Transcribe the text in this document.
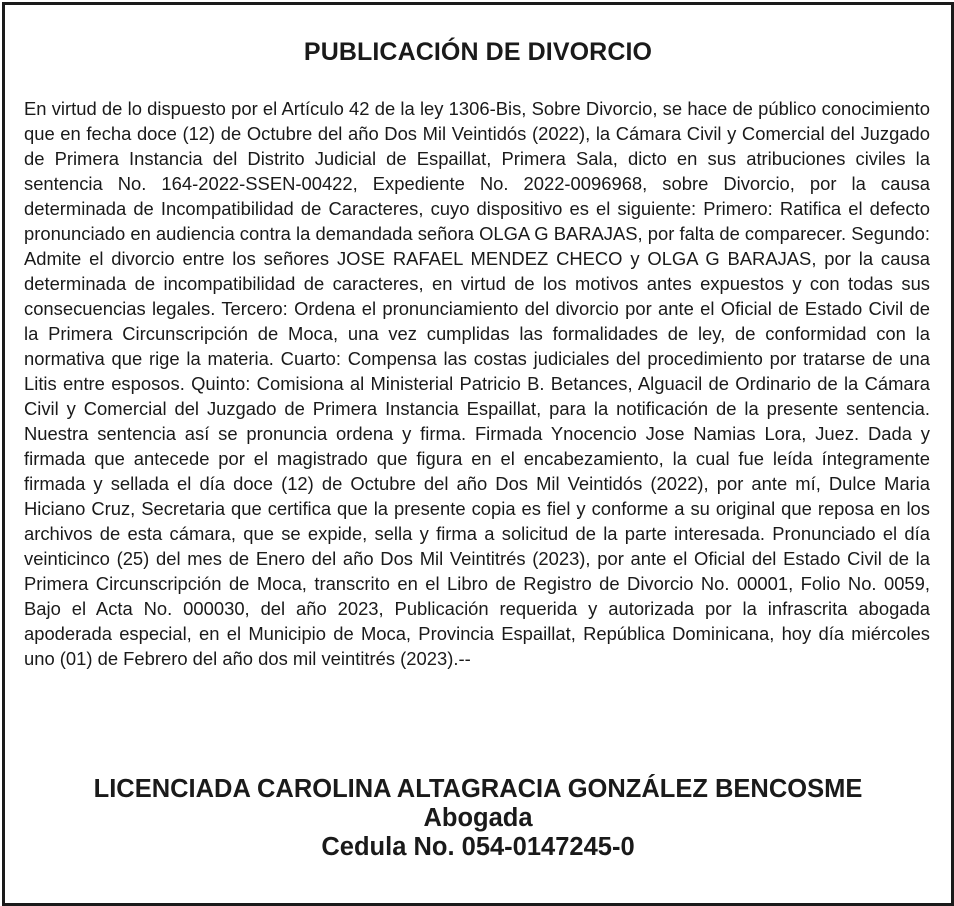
PUBLICACIÓN DE DIVORCIO

En virtud de lo dispuesto por el Artículo 42 de la ley 1306-Bis, Sobre Divorcio, se hace de público conocimiento que en fecha doce (12) de Octubre del año Dos Mil Veintidós (2022), la Cámara Civil y Comercial del Juzgado de Primera Instancia del Distrito Judicial de Espaillat, Primera Sala, dicto en sus atribuciones civiles la sentencia No. 164-2022-SSEN-00422, Expediente No. 2022-0096968, sobre Divorcio, por la causa determinada de Incompatibilidad de Caracteres, cuyo dispositivo es el siguiente: Primero: Ratifica el defecto pronunciado en audiencia contra la demandada señora OLGA G BARAJAS, por falta de comparecer. Segundo: Admite el divorcio entre los señores JOSE RAFAEL MENDEZ CHECO y OLGA G BARAJAS, por la causa determinada de incompatibilidad de caracteres, en virtud de los motivos antes expuestos y con todas sus consecuencias legales. Tercero: Ordena el pronunciamiento del divorcio por ante el Oficial de Estado Civil de la Primera Circunscripción de Moca, una vez cumplidas las formalidades de ley, de conformidad con la normativa que rige la materia. Cuarto: Compensa las costas judiciales del procedimiento por tratarse de una Litis entre esposos. Quinto: Comisiona al Ministerial Patricio B. Betances, Alguacil de Ordinario de la Cámara Civil y Comercial del Juzgado de Primera Instancia Espaillat, para la notificación de la presente sentencia. Nuestra sentencia así se pronuncia ordena y firma. Firmada Ynocencio Jose Namias Lora, Juez. Dada y firmada que antecede por el magistrado que figura en el encabezamiento, la cual fue leída íntegramente firmada y sellada el día doce (12) de Octubre del año Dos Mil Veintidós (2022), por ante mí, Dulce Maria Hiciano Cruz, Secretaria que certifica que la presente copia es fiel y conforme a su original que reposa en los archivos de esta cámara, que se expide, sella y firma a solicitud de la parte interesada. Pronunciado el día veinticinco (25) del mes de Enero del año Dos Mil Veintitrés (2023), por ante el Oficial del Estado Civil de la Primera Circunscripción de Moca, transcrito en el Libro de Registro de Divorcio No. 00001, Folio No. 0059, Bajo el Acta No. 000030, del año 2023, Publicación requerida y autorizada por la infrascrita abogada apoderada especial, en el Municipio de Moca, Provincia Espaillat, República Dominicana, hoy día miércoles uno (01) de Febrero del año dos mil veintitrés (2023).--

LICENCIADA CAROLINA ALTAGRACIA GONZÁLEZ BENCOSME
Abogada
Cedula No. 054-0147245-0
